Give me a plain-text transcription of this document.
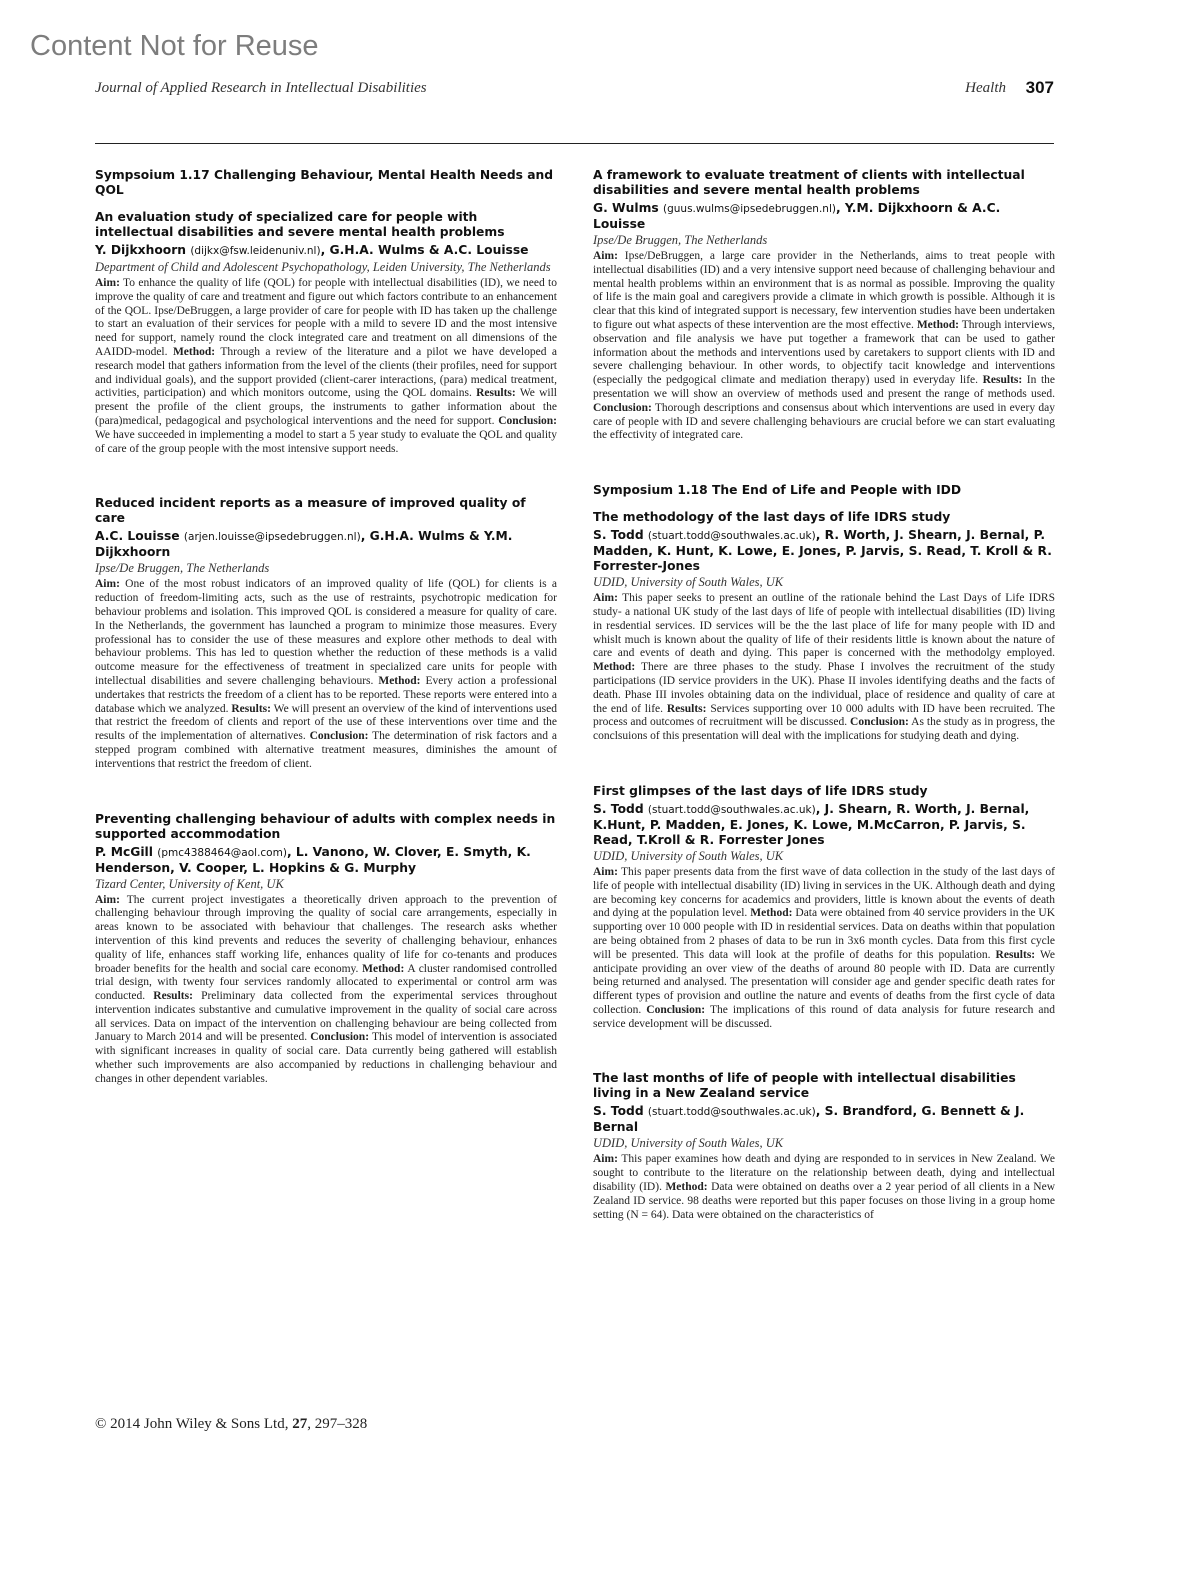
Content Not for Reuse
Journal of Applied Research in Intellectual Disabilities	Health 307

Sympsoium 1.17 Challenging Behaviour, Mental Health Needs and QOL

An evaluation study of specialized care for people with intellectual disabilities and severe mental health problems

Y. Dijkxhoorn (dijkx@fsw.leidenuniv.nl), G.H.A. Wulms & A.C. Louisse

Department of Child and Adolescent Psychopathology, Leiden University, The Netherlands

Aim: To enhance the quality of life (QOL) for people with intellectual disabilities (ID), we need to improve the quality of care and treatment and figure out which factors contribute to an enhancement of the QOL. Ipse/DeBruggen, a large provider of care for people with ID has taken up the challenge to start an evaluation of their services for people with a mild to severe ID and the most intensive need for support, namely round the clock integrated care and treatment on all dimensions of the AAIDD-model. Method: Through a review of the literature and a pilot we have developed a research model that gathers information from the level of the clients (their profiles, need for support and individual goals), and the support provided (client-carer interactions, (para) medical treatment, activities, participation) and which monitors outcome, using the QOL domains. Results: We will present the profile of the client groups, the instruments to gather information about the (para)medical, pedagogical and psychological interventions and the need for support. Conclusion: We have succeeded in implementing a model to start a 5 year study to evaluate the QOL and quality of care of the group people with the most intensive support needs.

Reduced incident reports as a measure of improved quality of care

A.C. Louisse (arjen.louisse@ipsedebruggen.nl), G.H.A. Wulms & Y.M. Dijkxhoorn

Ipse/De Bruggen, The Netherlands

Aim: One of the most robust indicators of an improved quality of life (QOL) for clients is a reduction of freedom-limiting acts, such as the use of restraints, psychotropic medication for behaviour problems and isolation. This improved QOL is considered a measure for quality of care. In the Netherlands, the government has launched a program to minimize those measures. Every professional has to consider the use of these measures and explore other methods to deal with behaviour problems. This has led to question whether the reduction of these methods is a valid outcome measure for the effectiveness of treatment in specialized care units for people with intellectual disabilities and severe challenging behaviours. Method: Every action a professional undertakes that restricts the freedom of a client has to be reported. These reports were entered into a database which we analyzed. Results: We will present an overview of the kind of interventions used that restrict the freedom of clients and report of the use of these interventions over time and the results of the implementation of alternatives. Conclusion: The determination of risk factors and a stepped program combined with alternative treatment measures, diminishes the amount of interventions that restrict the freedom of client.

Preventing challenging behaviour of adults with complex needs in supported accommodation

P. McGill (pmc4388464@aol.com), L. Vanono, W. Clover, E. Smyth, K. Henderson, V. Cooper, L. Hopkins & G. Murphy

Tizard Center, University of Kent, UK

Aim: The current project investigates a theoretically driven approach to the prevention of challenging behaviour through improving the quality of social care arrangements, especially in areas known to be associated with behaviour that challenges. The research asks whether intervention of this kind prevents and reduces the severity of challenging behaviour, enhances quality of life, enhances staff working life, enhances quality of life for co-tenants and produces broader benefits for the health and social care economy. Method: A cluster randomised controlled trial design, with twenty four services randomly allocated to experimental or control arm was conducted. Results: Preliminary data collected from the experimental services throughout intervention indicates substantive and cumulative improvement in the quality of social care across all services. Data on impact of the intervention on challenging behaviour are being collected from January to March 2014 and will be presented. Conclusion: This model of intervention is associated with significant increases in quality of social care. Data currently being gathered will establish whether such improvements are also accompanied by reductions in challenging behaviour and changes in other dependent variables.

A framework to evaluate treatment of clients with intellectual disabilities and severe mental health problems

G. Wulms (guus.wulms@ipsedebruggen.nl), Y.M. Dijkxhoorn & A.C. Louisse

Ipse/De Bruggen, The Netherlands

Aim: Ipse/DeBruggen, a large care provider in the Netherlands, aims to treat people with intellectual disabilities (ID) and a very intensive support need because of challenging behaviour and mental health problems within an environment that is as normal as possible. Improving the quality of life is the main goal and caregivers provide a climate in which growth is possible. Although it is clear that this kind of integrated support is necessary, few intervention studies have been undertaken to figure out what aspects of these intervention are the most effective. Method: Through interviews, observation and file analysis we have put together a framework that can be used to gather information about the methods and interventions used by caretakers to support clients with ID and severe challenging behaviour. In other words, to objectify tacit knowledge and interventions (especially the pedgogical climate and mediation therapy) used in everyday life. Results: In the presentation we will show an overview of methods used and present the range of methods used. Conclusion: Thorough descriptions and consensus about which interventions are used in every day care of people with ID and severe challenging behaviours are crucial before we can start evaluating the effectivity of integrated care.

Symposium 1.18 The End of Life and People with IDD

The methodology of the last days of life IDRS study

S. Todd (stuart.todd@southwales.ac.uk), R. Worth, J. Shearn, J. Bernal, P. Madden, K. Hunt, K. Lowe, E. Jones, P. Jarvis, S. Read, T. Kroll & R. Forrester-Jones

UDID, University of South Wales, UK

Aim: This paper seeks to present an outline of the rationale behind the Last Days of Life IDRS study- a national UK study of the last days of life of people with intellectual disabilities (ID) living in resdential services. ID services will be the the last place of life for many people with ID and whislt much is known about the quality of life of their residents little is known about the nature of care and events of death and dying. This paper is concerned with the methodolgy employed. Method: There are three phases to the study. Phase I involves the recruitment of the study participations (ID service providers in the UK). Phase II involes identifying deaths and the facts of death. Phase III involes obtaining data on the individual, place of residence and quality of care at the end of life. Results: Services supporting over 10 000 adults with ID have been recruited. The process and outcomes of recruitment will be discussed. Conclusion: As the study as in progress, the conclsuions of this presentation will deal with the implications for studying death and dying.

First glimpses of the last days of life IDRS study

S. Todd (stuart.todd@southwales.ac.uk), J. Shearn, R. Worth, J. Bernal, K.Hunt, P. Madden, E. Jones, K. Lowe, M.McCarron, P. Jarvis, S. Read, T.Kroll & R. Forrester Jones

UDID, University of South Wales, UK

Aim: This paper presents data from the first wave of data collection in the study of the last days of life of people with intellectual disability (ID) living in services in the UK. Although death and dying are becoming key concerns for academics and providers, little is known about the events of death and dying at the population level. Method: Data were obtained from 40 service providers in the UK supporting over 10 000 people with ID in residential services. Data on deaths within that population are being obtained from 2 phases of data to be run in 3x6 month cycles. Data from this first cycle will be presented. This data will look at the profile of deaths for this population. Results: We anticipate providing an over view of the deaths of around 80 people with ID. Data are currently being returned and analysed. The presentation will consider age and gender specific death rates for different types of provision and outline the nature and events of deaths from the first cycle of data collection. Conclusion: The implications of this round of data analysis for future research and service development will be discussed.

The last months of life of people with intellectual disabilities living in a New Zealand service

S. Todd (stuart.todd@southwales.ac.uk), S. Brandford, G. Bennett & J. Bernal

UDID, University of South Wales, UK

Aim: This paper examines how death and dying are responded to in services in New Zealand. We sought to contribute to the literature on the relationship between death, dying and intellectual disability (ID). Method: Data were obtained on deaths over a 2 year period of all clients in a New Zealand ID service. 98 deaths were reported but this paper focuses on those living in a group home setting (N = 64). Data were obtained on the characteristics of

© 2014 John Wiley & Sons Ltd, 27, 297–328
